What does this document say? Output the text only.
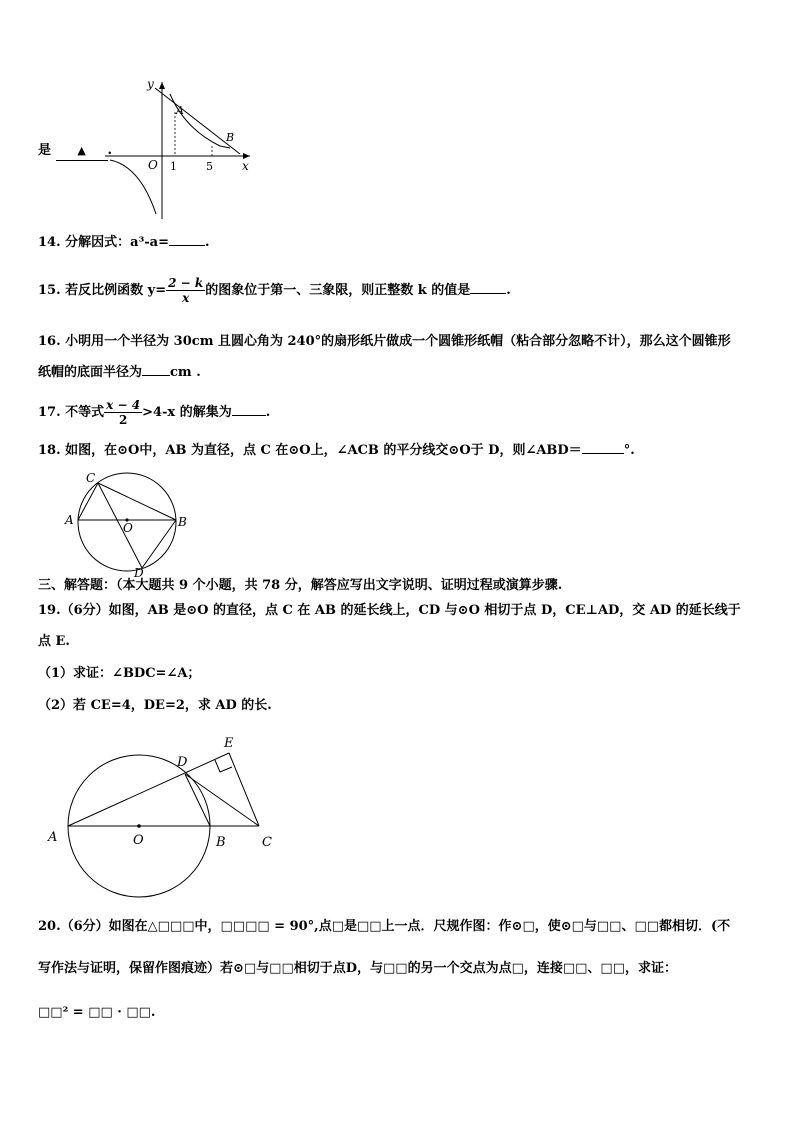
y
x
O
A
B
1	5
是 ▲ .
14. 分解因式：a³-a=	.
15. 若反比例函数 $y= \frac{2 - k}{x}$ 的图象位于第一、三象限，则正整数 k 的值是	.
16. 小明用一个半径为 30cm 且圆心角为 240°的扇形纸片做成一个圆锥形纸帽（粘合部分忽略不计），那么这个圆锥形
纸帽的底面半径为 cm .
17. 不等式 $\frac{x - 4}{2} >4-x$ 的解集为	.
18. 如图，在⊙O中，AB 为直径，点 C 在⊙O上，∠ACB 的平分线交⊙O于 D，则∠ABD＝	°.
C
A
O	B
D
三、解答题：（本大题共 9 个小题，共 78 分，解答应写出文字说明、证明过程或演算步骤.
19.（6分）如图，AB 是⊙O 的直径，点 C 在 AB 的延长线上，CD 与⊙O 相切于点 D，CE⊥AD，交 AD 的延长线于
点 E.
（1）求证：∠BDC=∠A；
（2）若 CE=4，DE=2，求 AD 的长.
E
D
A	O	B	C
20.（6分）如图在△□□□中，□□□□ = 90°,点□是□□上一点．尺规作图：作⊙□，使⊙□与□□、□□都相切．(不
写作法与证明，保留作图痕迹）若⊙□与□□相切于点D，与□□的另一个交点为点□，连接□□、□□，求证：
□□² = □□ · □□.
